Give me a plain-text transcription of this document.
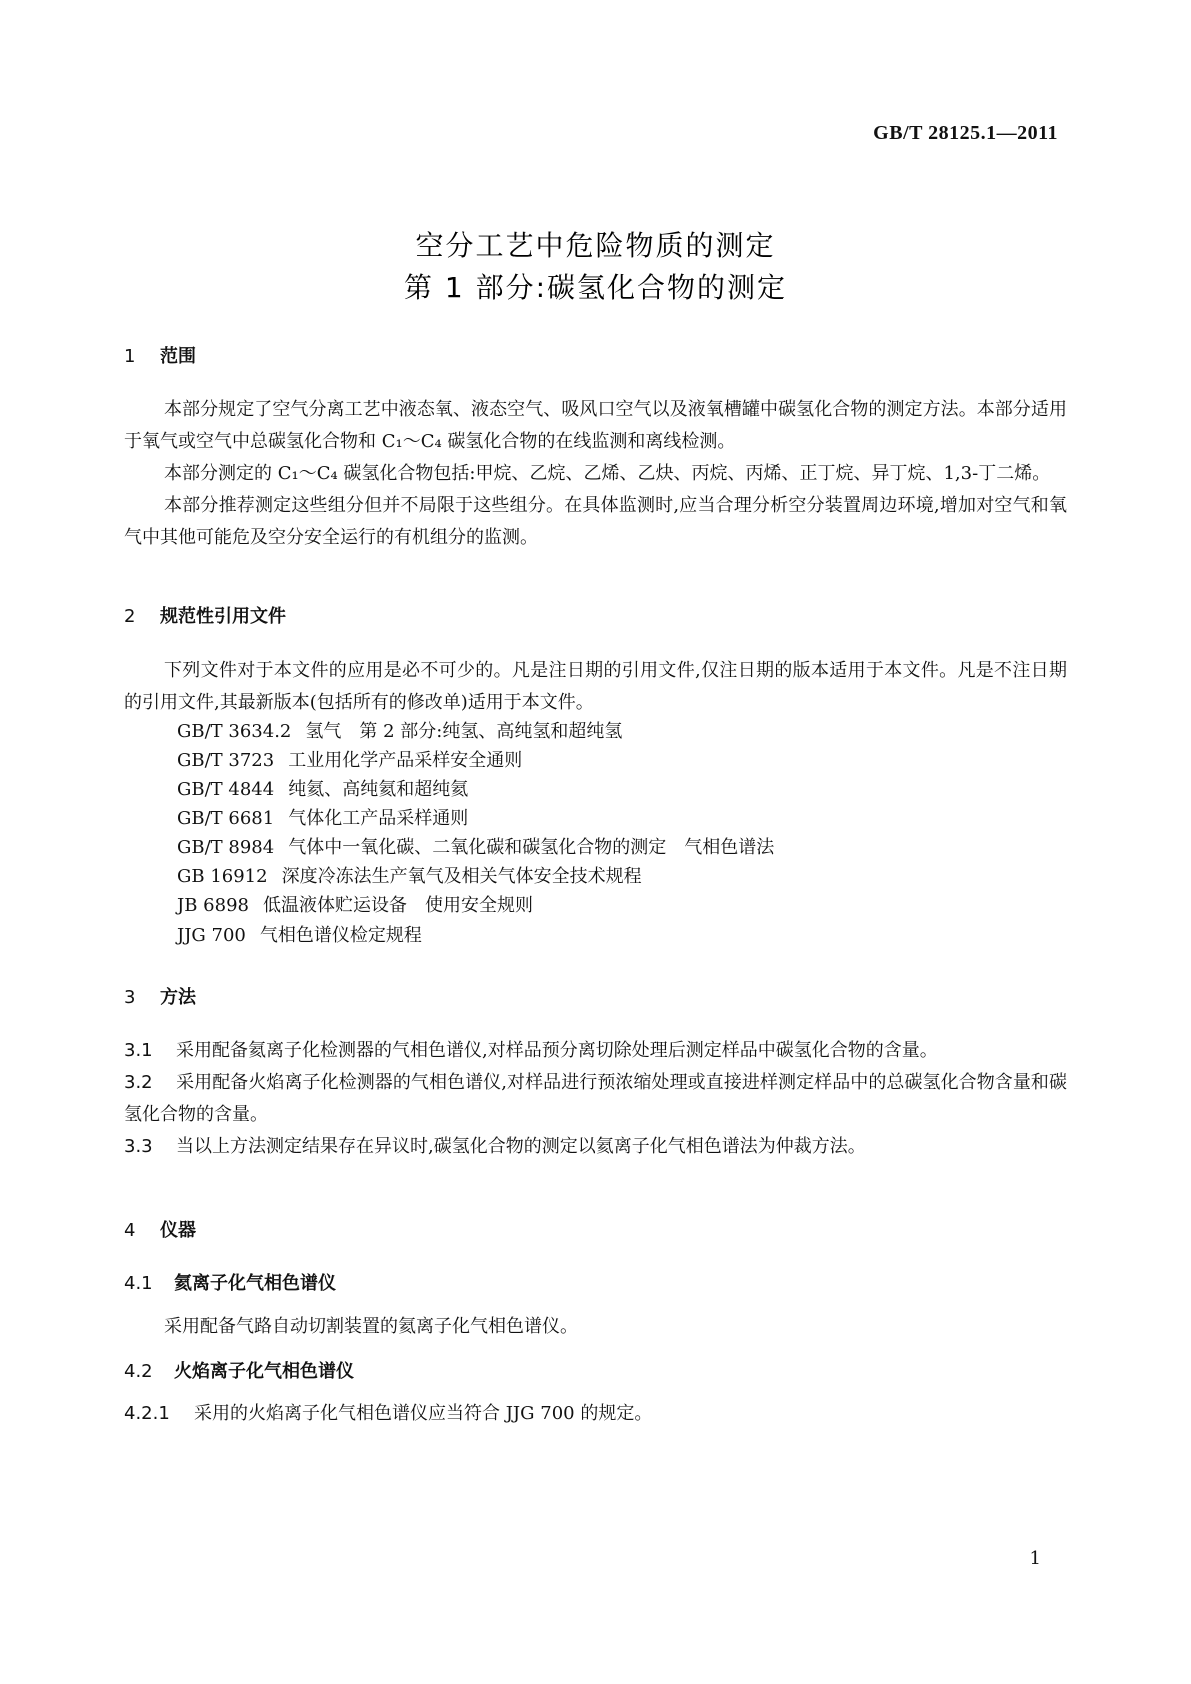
GB/T 28125.1—2011
空分工艺中危险物质的测定
第 1 部分:碳氢化合物的测定
1 范围

本部分规定了空气分离工艺中液态氧、液态空气、吸风口空气以及液氧槽罐中碳氢化合物的测定方法。本部分适用于氧气或空气中总碳氢化合物和 C₁～C₄ 碳氢化合物的在线监测和离线检测。

本部分测定的 C₁～C₄ 碳氢化合物包括:甲烷、乙烷、乙烯、乙炔、丙烷、丙烯、正丁烷、异丁烷、1,3-丁二烯。

本部分推荐测定这些组分但并不局限于这些组分。在具体监测时,应当合理分析空分装置周边环境,增加对空气和氧气中其他可能危及空分安全运行的有机组分的监测。

2 规范性引用文件

下列文件对于本文件的应用是必不可少的。凡是注日期的引用文件,仅注日期的版本适用于本文件。凡是不注日期的引用文件,其最新版本(包括所有的修改单)适用于本文件。

GB/T 3634.2 氢气　第 2 部分:纯氢、高纯氢和超纯氢
GB/T 3723 工业用化学产品采样安全通则
GB/T 4844 纯氦、高纯氦和超纯氦
GB/T 6681 气体化工产品采样通则
GB/T 8984 气体中一氧化碳、二氧化碳和碳氢化合物的测定　气相色谱法
GB 16912 深度冷冻法生产氧气及相关气体安全技术规程
JB 6898 低温液体贮运设备　使用安全规则
JJG 700 气相色谱仪检定规程
3 方法

3.1 采用配备氦离子化检测器的气相色谱仪,对样品预分离切除处理后测定样品中碳氢化合物的含量。

3.2 采用配备火焰离子化检测器的气相色谱仪,对样品进行预浓缩处理或直接进样测定样品中的总碳氢化合物含量和碳氢化合物的含量。

3.3 当以上方法测定结果存在异议时,碳氢化合物的测定以氦离子化气相色谱法为仲裁方法。

4 仪器
4.1 氦离子化气相色谱仪

采用配备气路自动切割装置的氦离子化气相色谱仪。

4.2 火焰离子化气相色谱仪

4.2.1 采用的火焰离子化气相色谱仪应当符合 JJG 700 的规定。

1
